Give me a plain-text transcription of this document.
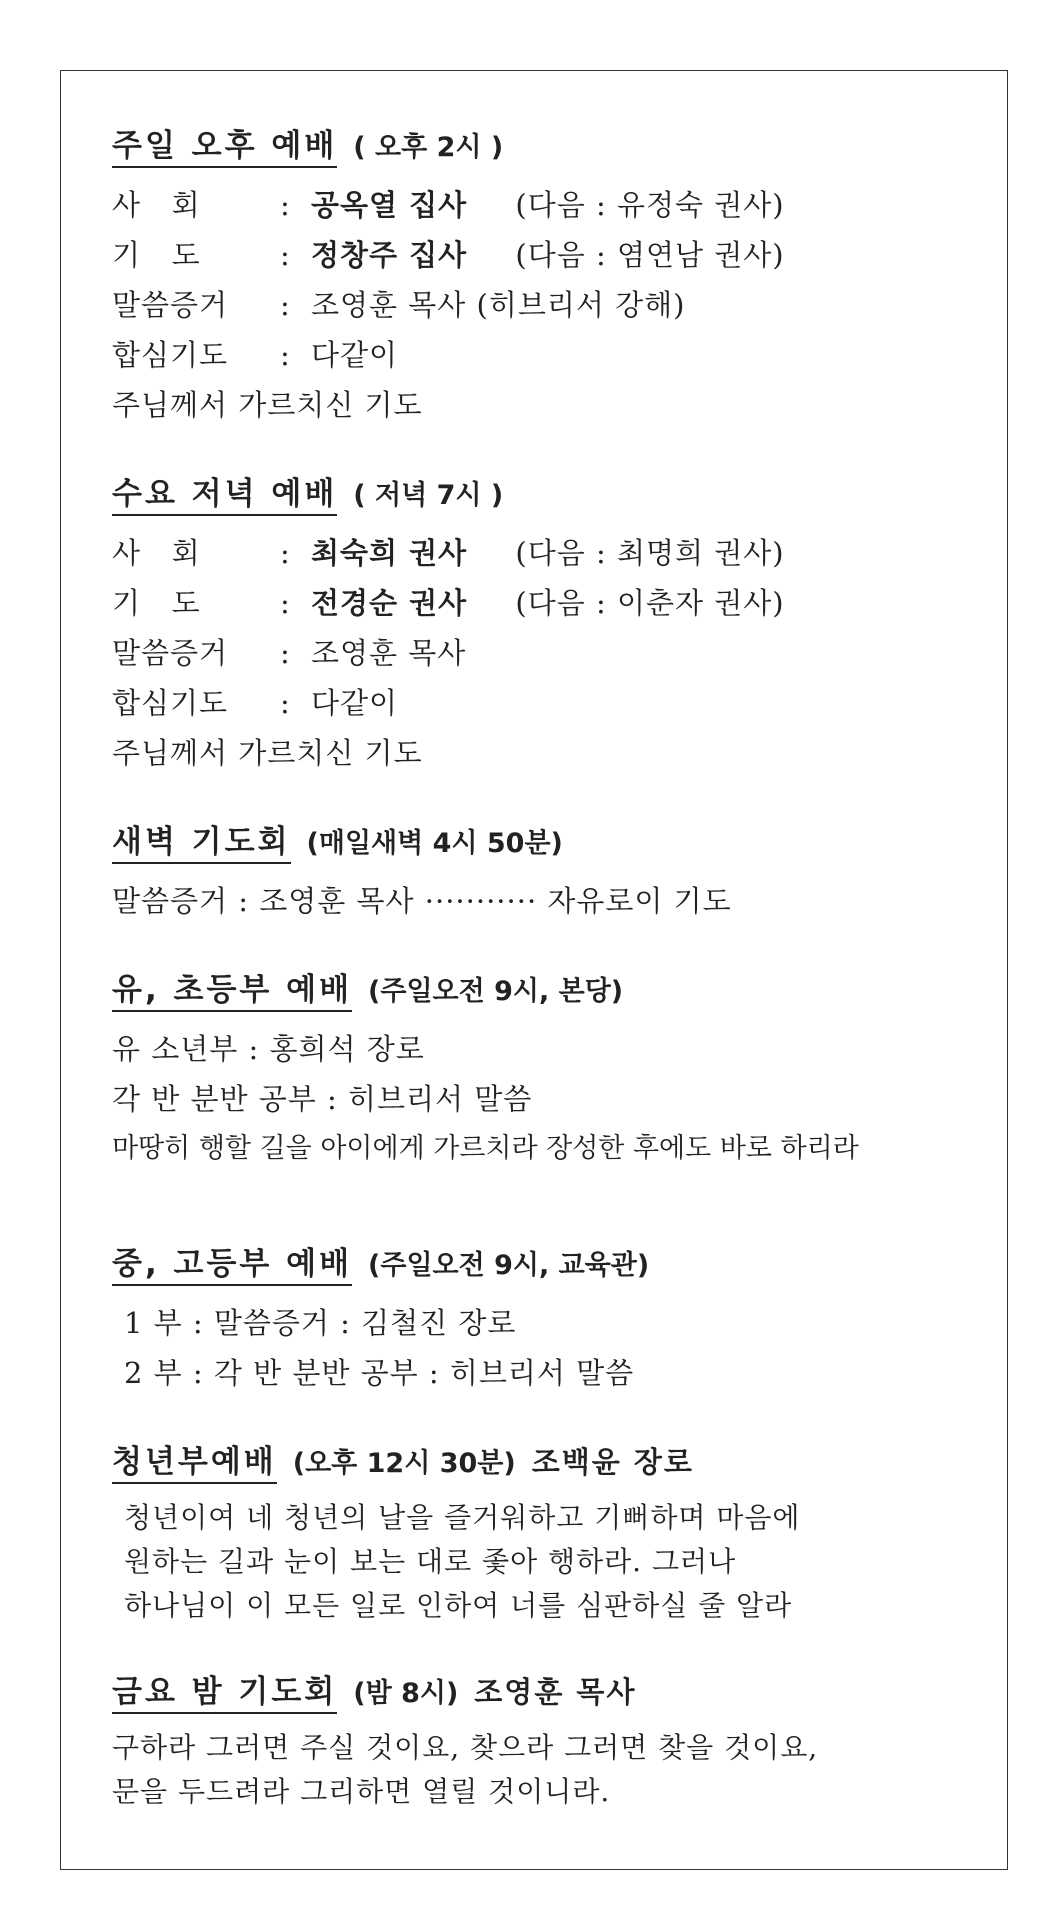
주일 오후 예배 ( 오후 2시 )
사   회	: 공옥열 집사 (다음 : 유정숙 권사)
기   도	: 정창주 집사 (다음 : 염연남 권사)
말씀증거 : 조영훈 목사 (히브리서 강해)
합심기도 : 다같이
주님께서 가르치신 기도
수요 저녁 예배 ( 저녁 7시 )
사   회	: 최숙희 권사 (다음 : 최명희 권사)
기   도	: 전경순 권사 (다음 : 이춘자 권사)
말씀증거 : 조영훈 목사
합심기도 : 다같이
주님께서 가르치신 기도
새벽 기도회 (매일새벽 4시 50분)
말씀증거 : 조영훈 목사 ··········· 자유로이 기도
유, 초등부 예배 (주일오전 9시, 본당)
유 소년부 : 홍희석 장로
각 반 분반 공부 : 히브리서 말씀
마땅히 행할 길을 아이에게 가르치라 장성한 후에도 바로 하리라
중, 고등부 예배 (주일오전 9시, 교육관)
1 부 : 말씀증거 : 김철진 장로
2 부 : 각 반 분반 공부 : 히브리서 말씀
청년부예배 (오후 12시 30분) 조백윤 장로
청년이여 네 청년의 날을 즐거워하고 기뻐하며 마음에
원하는 길과 눈이 보는 대로 좇아 행하라. 그러나
하나님이 이 모든 일로 인하여 너를 심판하실 줄 알라
금요 밤 기도회 (밤 8시) 조영훈 목사
구하라 그러면 주실 것이요, 찾으라 그러면 찾을 것이요,
문을 두드려라 그리하면 열릴 것이니라.
